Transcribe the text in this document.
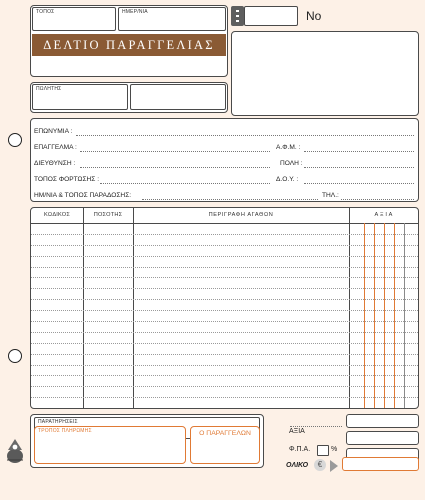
ΤΟΠΟΣ	ΗΜΕΡ/ΝΙΑ
ΔΕΛΤΙΟ ΠΑΡΑΓΓΕΛΙΑΣ
No
ΠΩΛΗΤΗΣ
ΕΠΩΝΥΜΙΑ :
ΕΠΑΓΓΕΛΜΑ :	Α.Φ.Μ. :
ΔΙΕΥΘΥΝΣΗ :	ΠΟΛΗ :
ΤΟΠΟΣ ΦΟΡΤΩΣΗΣ :	Δ.Ο.Υ. :
ΗΜ/ΝΙΑ & ΤΟΠΟΣ ΠΑΡΑΔΟΣΗΣ:	ΤΗΛ.:
ΚΩΔΙΚΟΣ	ΠΟΣΟΤΗΣ	ΠΕΡΙΓΡΑΦΗ ΑΓΑΘΩΝ	Α Ξ Ι Α
ΠΑΡΑΤΗΡΗΣΕΙΣ
ΤΡΟΠΟΣ ΠΛΗΡΩΜΗΣ	Ο ΠΑΡΑΓΓΕΛΩΝ	ΑΞΙΑ
Φ.Π.Α.	%
ΟΛΙΚΟ	€
